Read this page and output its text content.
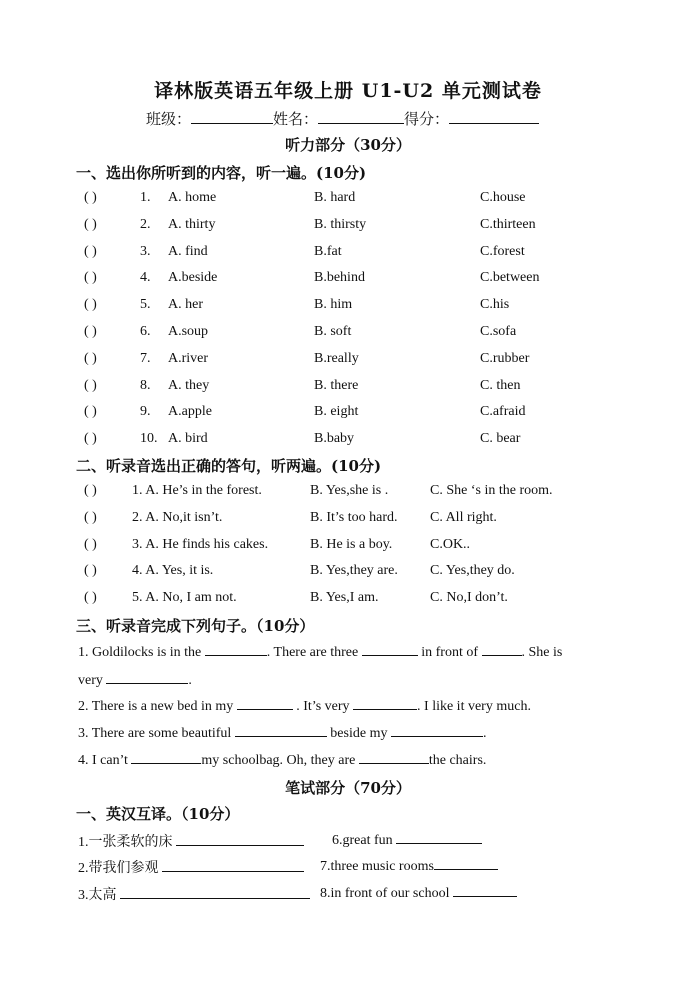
译林版英语五年级上册 U1-U2 单元测试卷
班级：	姓名：	得分：
听力部分（30分）
一、选出你所听到的内容，听一遍。(10分)
( )	1. A. home	B. hard	C.house
( )	2. A. thirty	B. thirsty	C.thirteen
( )	3. A. find	B.fat	C.forest
( )	4. A.beside	B.behind	C.between
( )	5. A. her	B. him	C.his
( )	6. A.soup	B. soft	C.sofa
( )	7. A.river	B.really	C.rubber
( )	8. A. they	B. there	C. then
( )	9. A.apple	B. eight	C.afraid
( )	10. A. bird	B.baby	C. bear
二、听录音选出正确的答句，听两遍。(10分)
( )	1. A. He’s in the forest.	B. Yes,she is .	C. She ‘s in the room.
( )	2. A. No,it isn’t.	B. It’s too hard. C. All right.
( )	3. A. He finds his cakes.	B. He is a boy.	C.OK..
( )	4. A. Yes, it is.	B. Yes,they are. C. Yes,they do.
( )	5. A. No, I am not.	B. Yes,I am.	C. No,I don’t.
三、听录音完成下列句子。（10分）
1. Goldilocks is in the	. There are three	in front of	. She is
very	.
2. There is a new bed in my	. It’s very	. I like it very much.
3. There are some beautiful	beside my	.
4. I can’t	my schoolbag. Oh, they are	the chairs.
笔试部分（70分）
一、英汉互译。（10分）
1.一张柔软的床	6.great fun
2.带我们参观	7.three music rooms
3.太高	8.in front of our school
